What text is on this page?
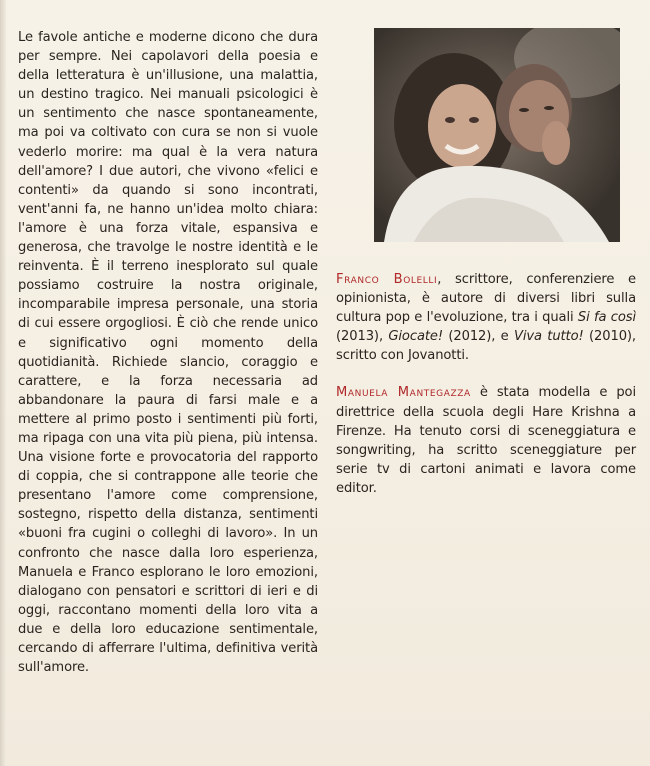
Le favole antiche e moderne dicono che dura per sempre. Nei capolavori della poesia e della letteratura è un'illusione, una malattia, un destino tragico. Nei manuali psicologici è un sentimento che nasce spontaneamente, ma poi va coltivato con cura se non si vuole vederlo morire: ma qual è la vera natura dell'amore? I due autori, che vivono «felici e contenti» da quando si sono incontrati, vent'anni fa, ne hanno un'idea molto chiara: l'amore è una forza vitale, espansiva e generosa, che travolge le nostre identità e le reinventa. È il terreno inesplorato sul quale possiamo costruire la nostra originale, incomparabile impresa personale, una storia di cui essere orgogliosi. È ciò che rende unico e significativo ogni momento della quotidianità. Richiede slancio, coraggio e carattere, e la forza necessaria ad abbandonare la paura di farsi male e a mettere al primo posto i sentimenti più forti, ma ripaga con una vita più piena, più intensa. Una visione forte e provocatoria del rapporto di coppia, che si contrappone alle teorie che presentano l'amore come comprensione, sostegno, rispetto della distanza, sentimenti «buoni fra cugini o colleghi di lavoro». In un confronto che nasce dalla loro esperienza, Manuela e Franco esplorano le loro emozioni, dialogano con pensatori e scrittori di ieri e di oggi, raccontano momenti della loro vita a due e della loro educazione sentimentale, cercando di afferrare l'ultima, definitiva verità sull'amore.

Franco Bolelli, scrittore, conferenziere e opinionista, è autore di diversi libri sulla cultura pop e l'evoluzione, tra i quali Si fa così (2013), Giocate! (2012), e Viva tutto! (2010), scritto con Jovanotti.

Manuela Mantegazza è stata modella e poi direttrice della scuola degli Hare Krishna a Firenze. Ha tenuto corsi di sceneggiatura e songwriting, ha scritto sceneggiature per serie tv di cartoni animati e lavora come editor.
